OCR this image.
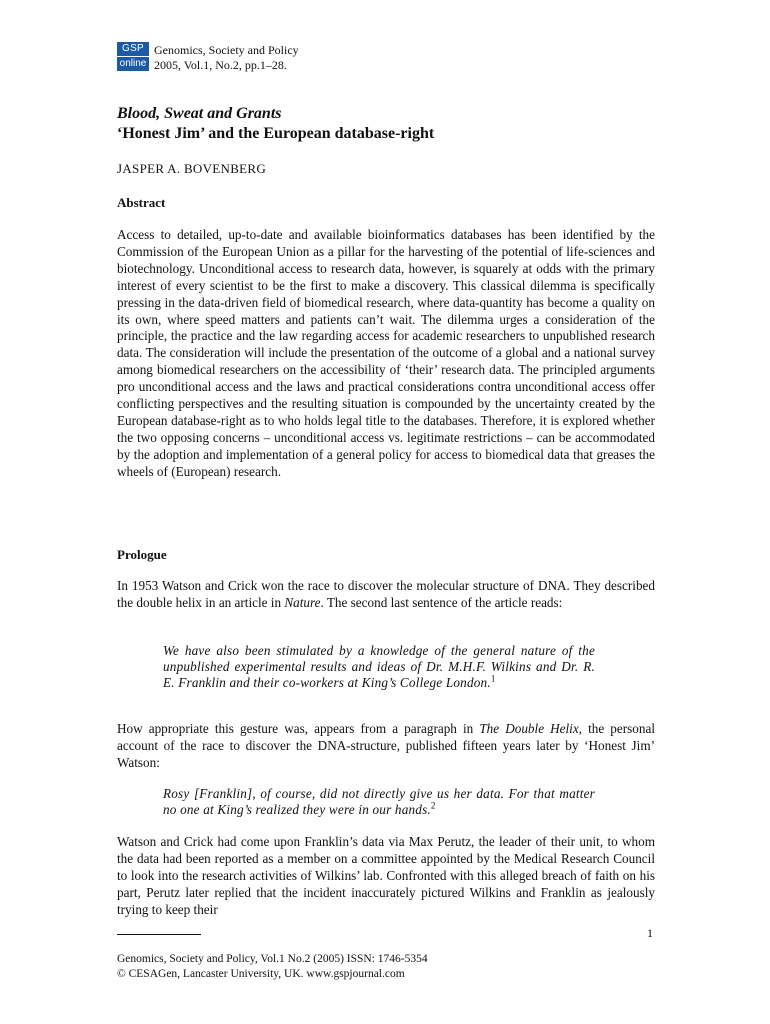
GSP
online
Genomics, Society and Policy
2005, Vol.1, No.2, pp.1–28.
Blood, Sweat and Grants
‘Honest Jim’ and the European database-right
JASPER A. BOVENBERG
Abstract

Access to detailed, up-to-date and available bioinformatics databases has been identified by the Commission of the European Union as a pillar for the harvesting of the potential of life-sciences and biotechnology. Unconditional access to research data, however, is squarely at odds with the primary interest of every scientist to be the first to make a discovery. This classical dilemma is specifically pressing in the data-driven field of biomedical research, where data-quantity has become a quality on its own, where speed matters and patients can’t wait. The dilemma urges a consideration of the principle, the practice and the law regarding access for academic researchers to unpublished research data. The consideration will include the presentation of the outcome of a global and a national survey among biomedical researchers on the accessibility of ‘their’ research data. The principled arguments pro unconditional access and the laws and practical considerations contra unconditional access offer conflicting perspectives and the resulting situation is compounded by the uncertainty created by the European database-right as to who holds legal title to the databases. Therefore, it is explored whether the two opposing concerns – unconditional access vs. legitimate restrictions – can be accommodated by the adoption and implementation of a general policy for access to biomedical data that greases the wheels of (European) research.

Prologue

In 1953 Watson and Crick won the race to discover the molecular structure of DNA. They described the double helix in an article in Nature. The second last sentence of the article reads:

We have also been stimulated by a knowledge of the general nature of the unpublished experimental results and ideas of Dr. M.H.F. Wilkins and Dr. R. E. Franklin and their co-workers at King’s College London.$^1$

How appropriate this gesture was, appears from a paragraph in The Double Helix, the personal account of the race to discover the DNA-structure, published fifteen years later by ‘Honest Jim’ Watson:

Rosy [Franklin], of course, did not directly give us her data. For that matter no one at King’s realized they were in our hands.$^2$

Watson and Crick had come upon Franklin’s data via Max Perutz, the leader of their unit, to whom the data had been reported as a member on a committee appointed by the Medical Research Council to look into the research activities of Wilkins’ lab. Confronted with this alleged breach of faith on his part, Perutz later replied that the incident inaccurately pictured Wilkins and Franklin as jealously trying to keep their

1
Genomics, Society and Policy, Vol.1 No.2 (2005) ISSN: 1746-5354
© CESAGen, Lancaster University, UK. www.gspjournal.com
